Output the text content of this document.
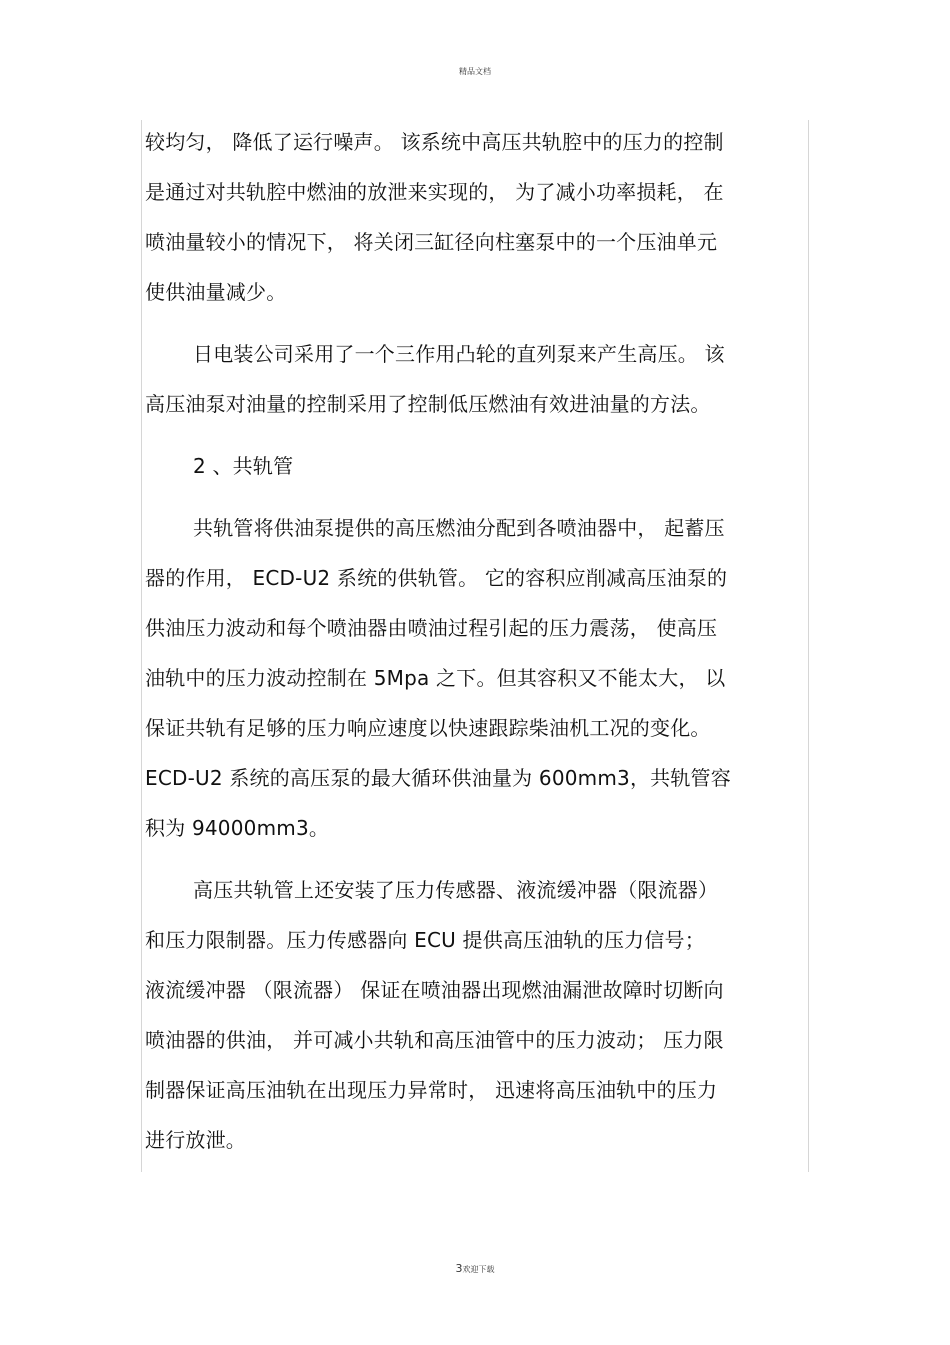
精品文档
较均匀， 降低了运行噪声。 该系统中高压共轨腔中的压力的控制
是通过对共轨腔中燃油的放泄来实现的， 为了减小功率损耗， 在
喷油量较小的情况下， 将关闭三缸径向柱塞泵中的一个压油单元
使供油量减少。
日电装公司采用了一个三作用凸轮的直列泵来产生高压。 该
高压油泵对油量的控制采用了控制低压燃油有效进油量的方法。
2 、共轨管
共轨管将供油泵提供的高压燃油分配到各喷油器中， 起蓄压
器的作用， ECD-U2 系统的供轨管。 它的容积应削减高压油泵的
供油压力波动和每个喷油器由喷油过程引起的压力震荡， 使高压
油轨中的压力波动控制在 5Mpa 之下。但其容积又不能太大， 以
保证共轨有足够的压力响应速度以快速跟踪柴油机工况的变化。
ECD-U2 系统的高压泵的最大循环供油量为 600mm3，共轨管容
积为 94000mm3。
高压共轨管上还安装了压力传感器、液流缓冲器（限流器）
和压力限制器。压力传感器向 ECU 提供高压油轨的压力信号；
液流缓冲器 （限流器） 保证在喷油器出现燃油漏泄故障时切断向
喷油器的供油， 并可减小共轨和高压油管中的压力波动； 压力限
制器保证高压油轨在出现压力异常时， 迅速将高压油轨中的压力
进行放泄。
3欢迎下载
